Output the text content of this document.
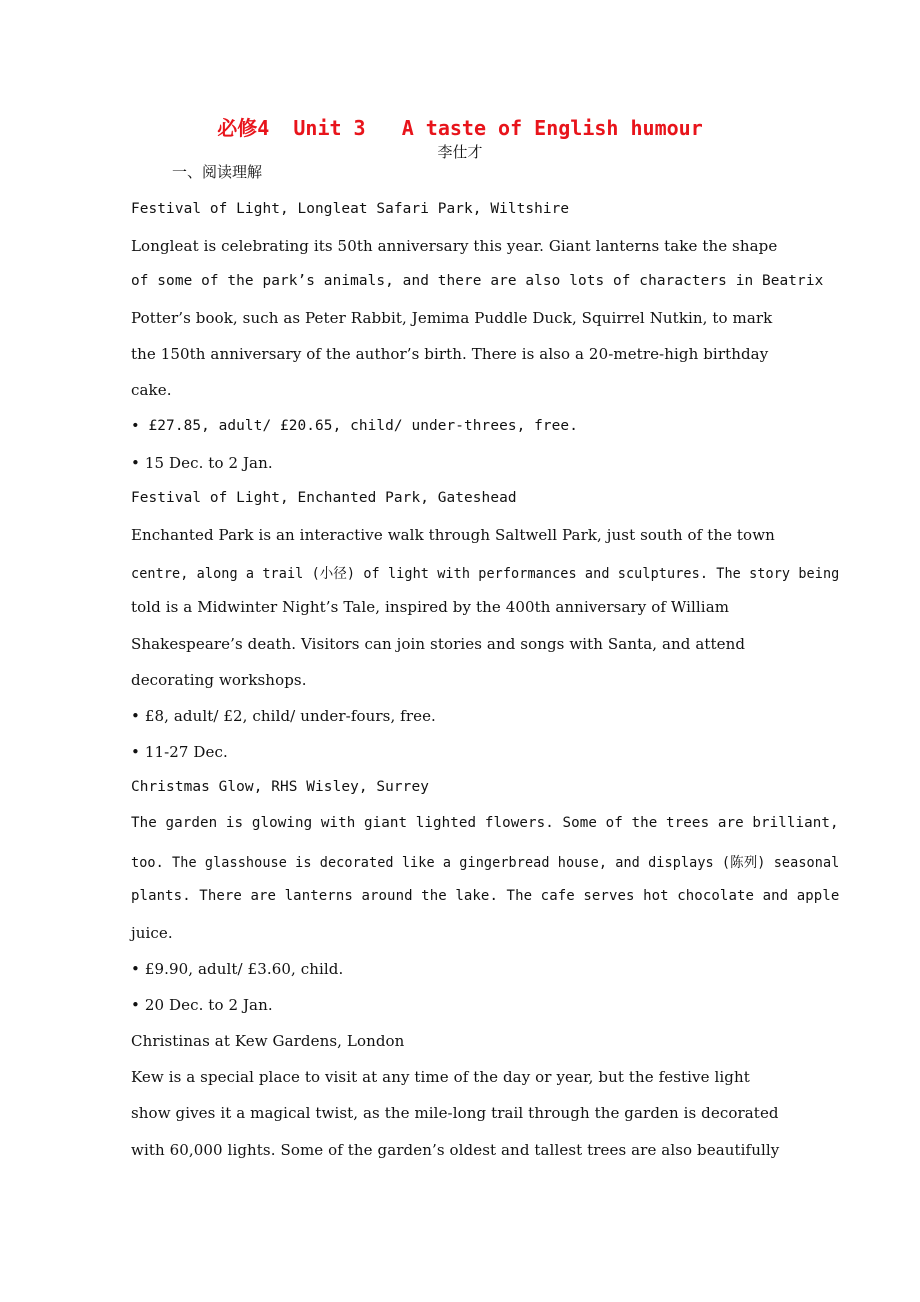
必修4  Unit 3   A taste of English humour
李仕才
一、阅读理解
Festival of Light, Longleat Safari Park, Wiltshire
Longleat is celebrating its 50th anniversary this year. Giant lanterns take the shape
of some of the park’s animals, and there are also lots of characters in Beatrix
Potter’s book, such as Peter Rabbit, Jemima Puddle Duck, Squirrel Nutkin, to mark
the 150th anniversary of the author’s birth. There is also a 20-metre-high birthday
cake.
• £27.85, adult/ £20.65, child/ under-threes, free.
• 15 Dec. to 2 Jan.
Festival of Light, Enchanted Park, Gateshead
Enchanted Park is an interactive walk through Saltwell Park, just south of the town
centre, along a trail (小径) of light with performances and sculptures. The story being
told is a Midwinter Night’s Tale, inspired by the 400th anniversary of William
Shakespeare’s death. Visitors can join stories and songs with Santa, and attend
decorating workshops.
• £8, adult/ £2, child/ under-fours, free.
• 11-27 Dec.
Christmas Glow, RHS Wisley, Surrey
The garden is glowing with giant lighted flowers. Some of the trees are brilliant,
too. The glasshouse is decorated like a gingerbread house, and displays (陈列) seasonal
plants. There are lanterns around the lake. The cafe serves hot chocolate and apple
juice.
• £9.90, adult/ £3.60, child.
• 20 Dec. to 2 Jan.
Christinas at Kew Gardens, London
Kew is a special place to visit at any time of the day or year, but the festive light
show gives it a magical twist, as the mile-long trail through the garden is decorated
with 60,000 lights. Some of the garden’s oldest and tallest trees are also beautifully
